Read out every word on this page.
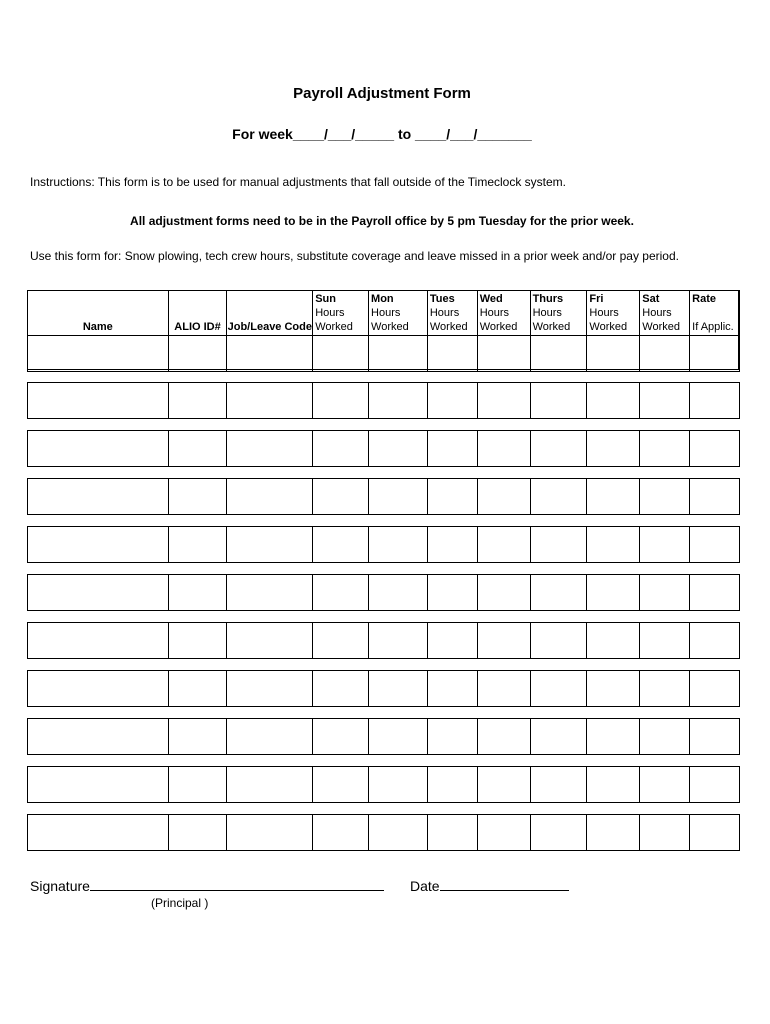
Payroll Adjustment Form
For week____/___/_____ to ____/___/_______
Instructions: This form is to be used for manual adjustments that fall outside of the Timeclock system.
All adjustment forms need to be in the Payroll office by 5 pm Tuesday for the prior week.
Use this form for: Snow plowing, tech crew hours, substitute coverage and leave missed in a prior week and/or pay period.
Name	ALIO ID# Job/Leave Code
Sun
Hours
Worked
Mon
Hours
Worked
Tues
Hours
Worked
Wed
Hours
Worked
Thurs
Hours
Worked
Fri
Hours
Worked
Sat
Hours
Worked
Rate
If Applic.
Signature
(Principal )
Date
